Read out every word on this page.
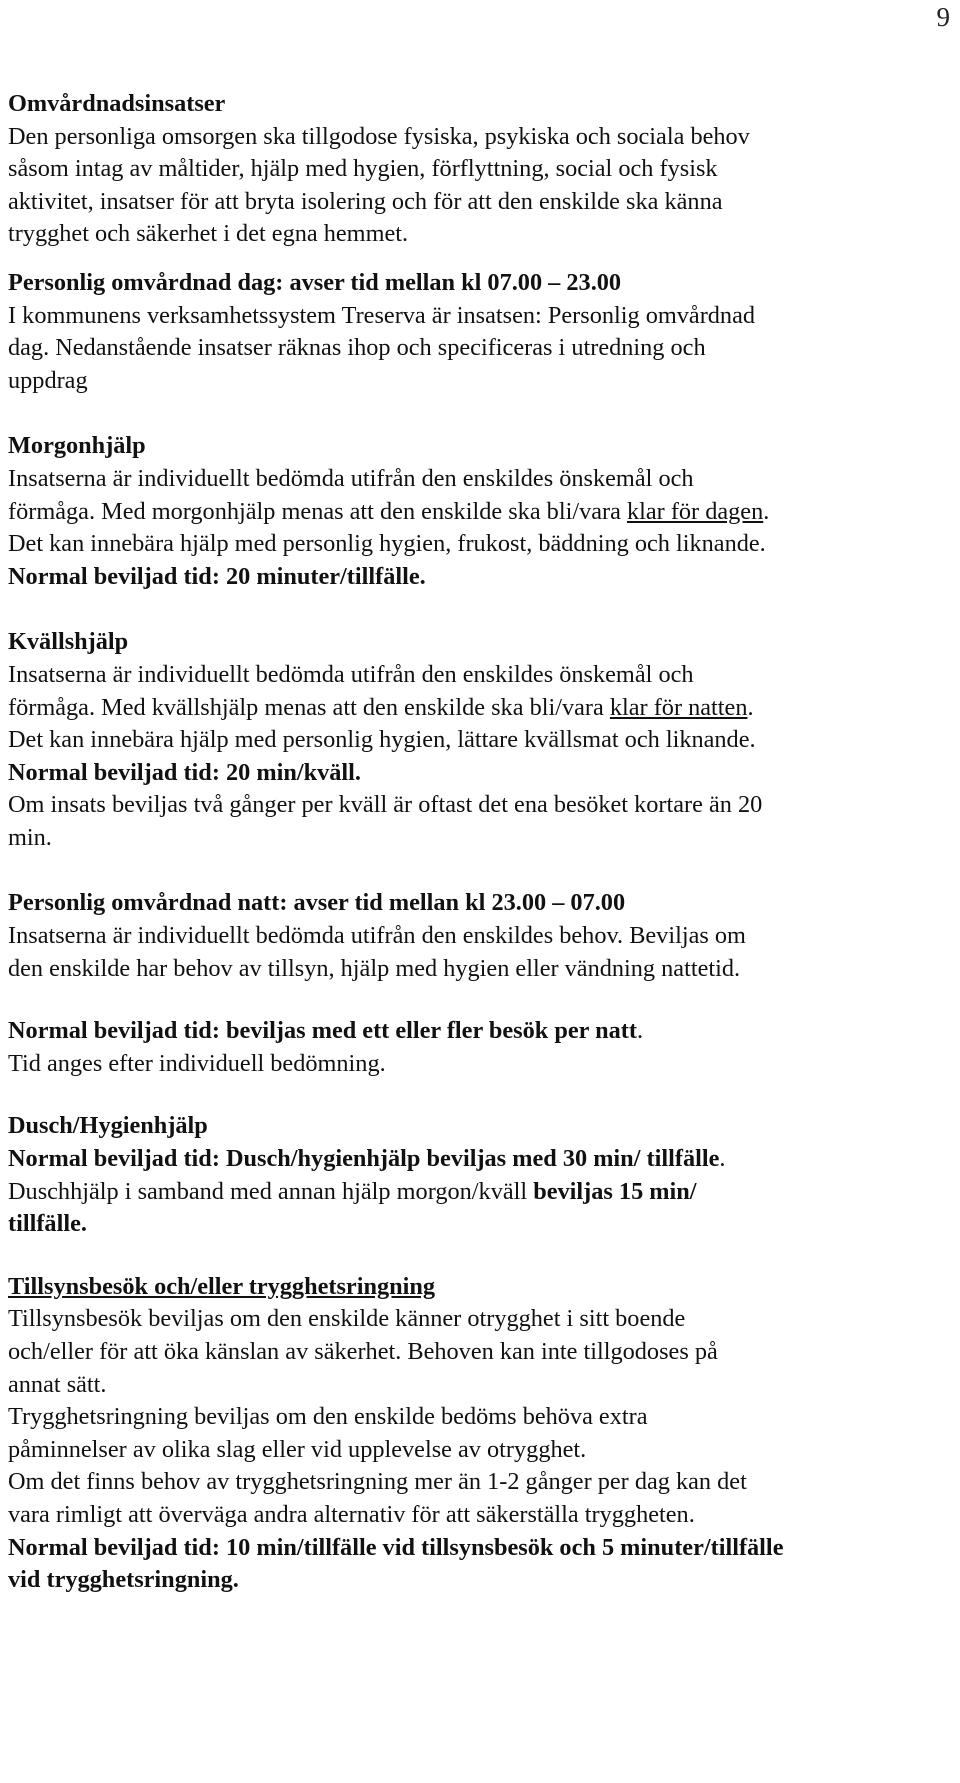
9
Omvårdnadsinsatser
Den personliga omsorgen ska tillgodose fysiska, psykiska och sociala behov
såsom intag av måltider, hjälp med hygien, förflyttning, social och fysisk
aktivitet, insatser för att bryta isolering och för att den enskilde ska känna
trygghet och säkerhet i det egna hemmet.
Personlig omvårdnad dag: avser tid mellan kl 07.00 – 23.00
I kommunens verksamhetssystem Treserva är insatsen: Personlig omvårdnad
dag. Nedanstående insatser räknas ihop och specificeras i utredning och
uppdrag
Morgonhjälp
Insatserna är individuellt bedömda utifrån den enskildes önskemål och
förmåga. Med morgonhjälp menas att den enskilde ska bli/vara klar för dagen.
Det kan innebära hjälp med personlig hygien, frukost, bäddning och liknande.
Normal beviljad tid: 20 minuter/tillfälle.
Kvällshjälp
Insatserna är individuellt bedömda utifrån den enskildes önskemål och
förmåga. Med kvällshjälp menas att den enskilde ska bli/vara klar för natten.
Det kan innebära hjälp med personlig hygien, lättare kvällsmat och liknande.
Normal beviljad tid: 20 min/kväll.
Om insats beviljas två gånger per kväll är oftast det ena besöket kortare än 20
min.
Personlig omvårdnad natt: avser tid mellan kl 23.00 – 07.00
Insatserna är individuellt bedömda utifrån den enskildes behov. Beviljas om
den enskilde har behov av tillsyn, hjälp med hygien eller vändning nattetid.
Normal beviljad tid: beviljas med ett eller fler besök per natt.
Tid anges efter individuell bedömning.
Dusch/Hygienhjälp
Normal beviljad tid: Dusch/hygienhjälp beviljas med 30 min/ tillfälle.
Duschhjälp i samband med annan hjälp morgon/kväll beviljas 15 min/
tillfälle.
Tillsynsbesök och/eller trygghetsringning
Tillsynsbesök beviljas om den enskilde känner otrygghet i sitt boende
och/eller för att öka känslan av säkerhet. Behoven kan inte tillgodoses på
annat sätt.
Trygghetsringning beviljas om den enskilde bedöms behöva extra
påminnelser av olika slag eller vid upplevelse av otrygghet.
Om det finns behov av trygghetsringning mer än 1-2 gånger per dag kan det
vara rimligt att överväga andra alternativ för att säkerställa tryggheten.
Normal beviljad tid: 10 min/tillfälle vid tillsynsbesök och 5 minuter/tillfälle
vid trygghetsringning.
